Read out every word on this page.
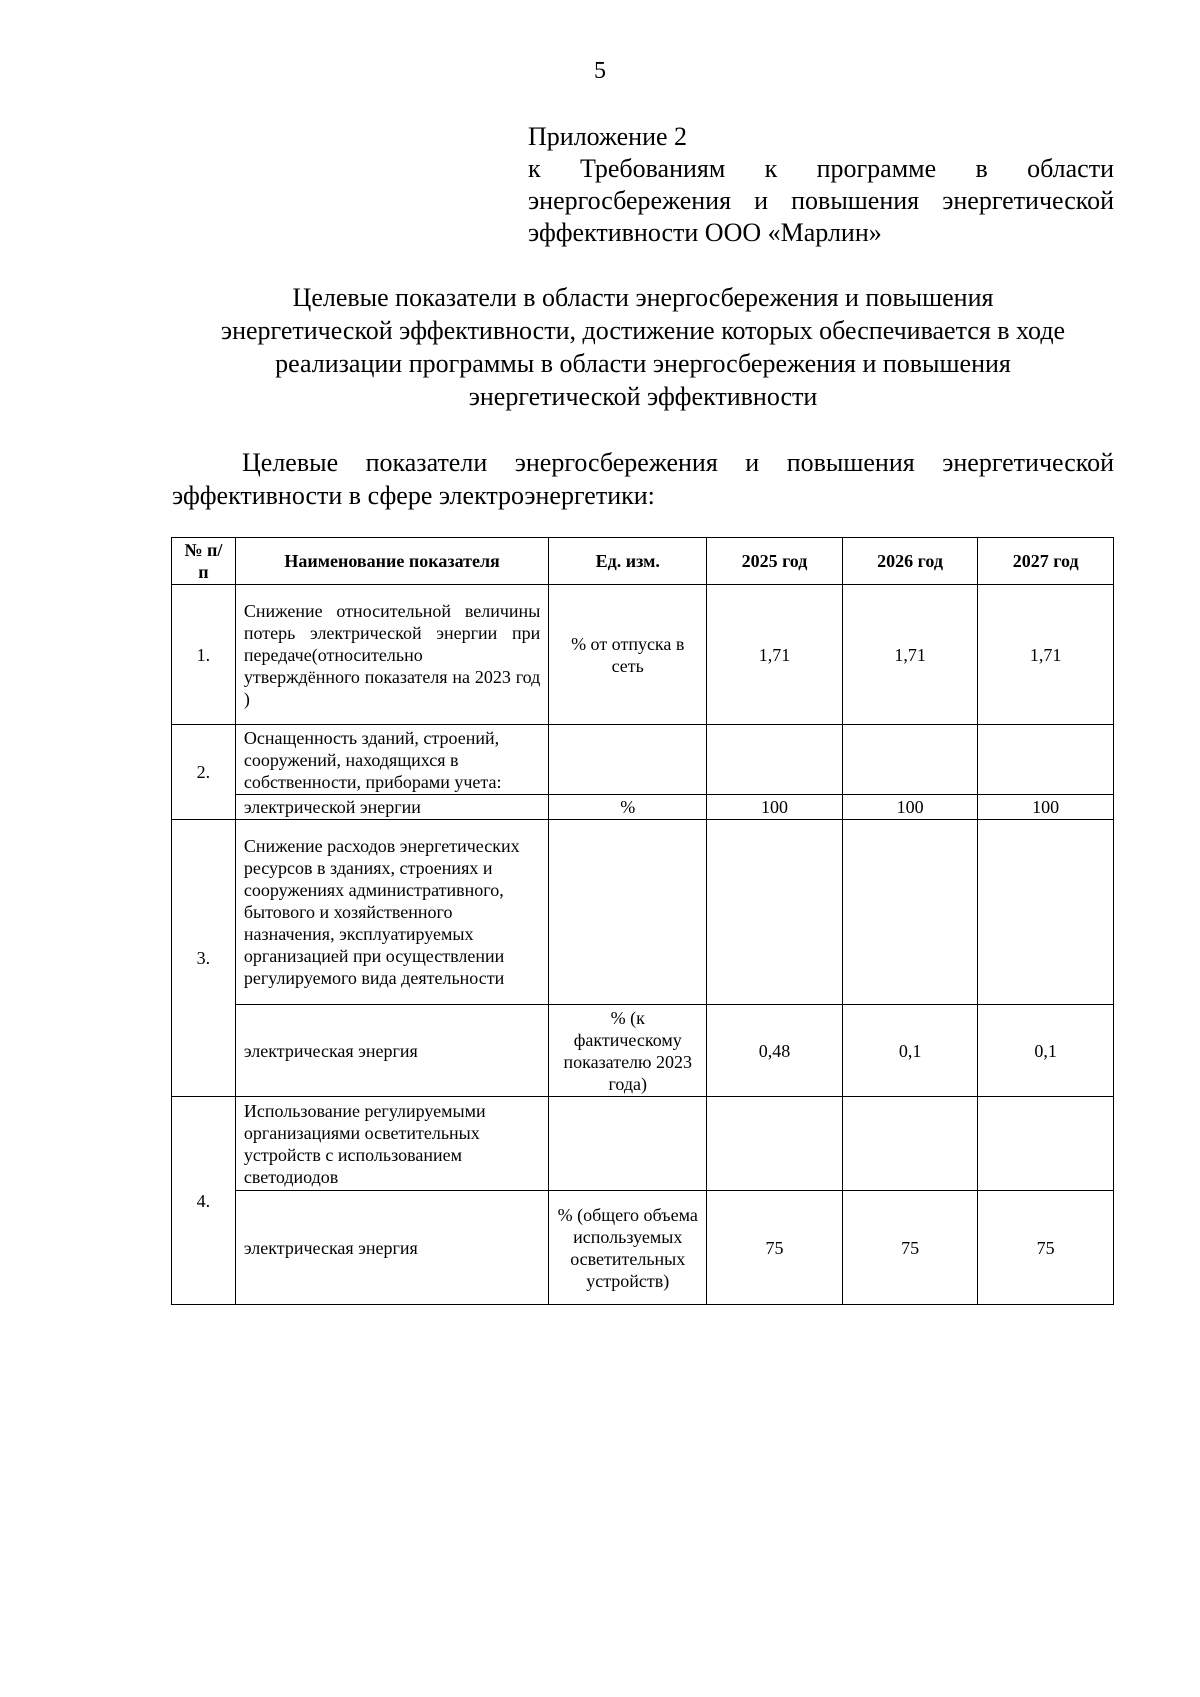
5
Приложение 2
к Требованиям к программе в области
энергосбережения и повышения энергетической
эффективности ООО «Марлин»
Целевые показатели в области энергосбережения и повышения
энергетической эффективности, достижение которых обеспечивается в ходе
реализации программы в области энергосбережения и повышения
энергетической эффективности
Целевые показатели энергосбережения и повышения энергетической
эффективности в сфере электроэнергетики:
№ п/п	Наименование показателя	Ед. изм.	2025 год	2026 год	2027 год
1.	Снижение относительной величины потерь электрической энергии при передаче(относительно утверждённого показателя на 2023 год )	% от отпуска в сеть	1,71	1,71	1,71
2.	Оснащенность зданий, строений, сооружений, находящихся в собственности, приборами учета:				
	электрической энергии	%	100	100	100
3.	Снижение расходов энергетических ресурсов в зданиях, строениях и сооружениях административного, бытового и хозяйственного назначения, эксплуатируемых организацией при осуществлении регулируемого вида деятельности				
	электрическая энергия	% (к фактическому показателю 2023 года)	0,48	0,1	0,1
4.	Использование регулируемыми организациями осветительных устройств с использованием светодиодов				
	электрическая энергия	% (общего объема используемых осветительных устройств)	75	75	75
